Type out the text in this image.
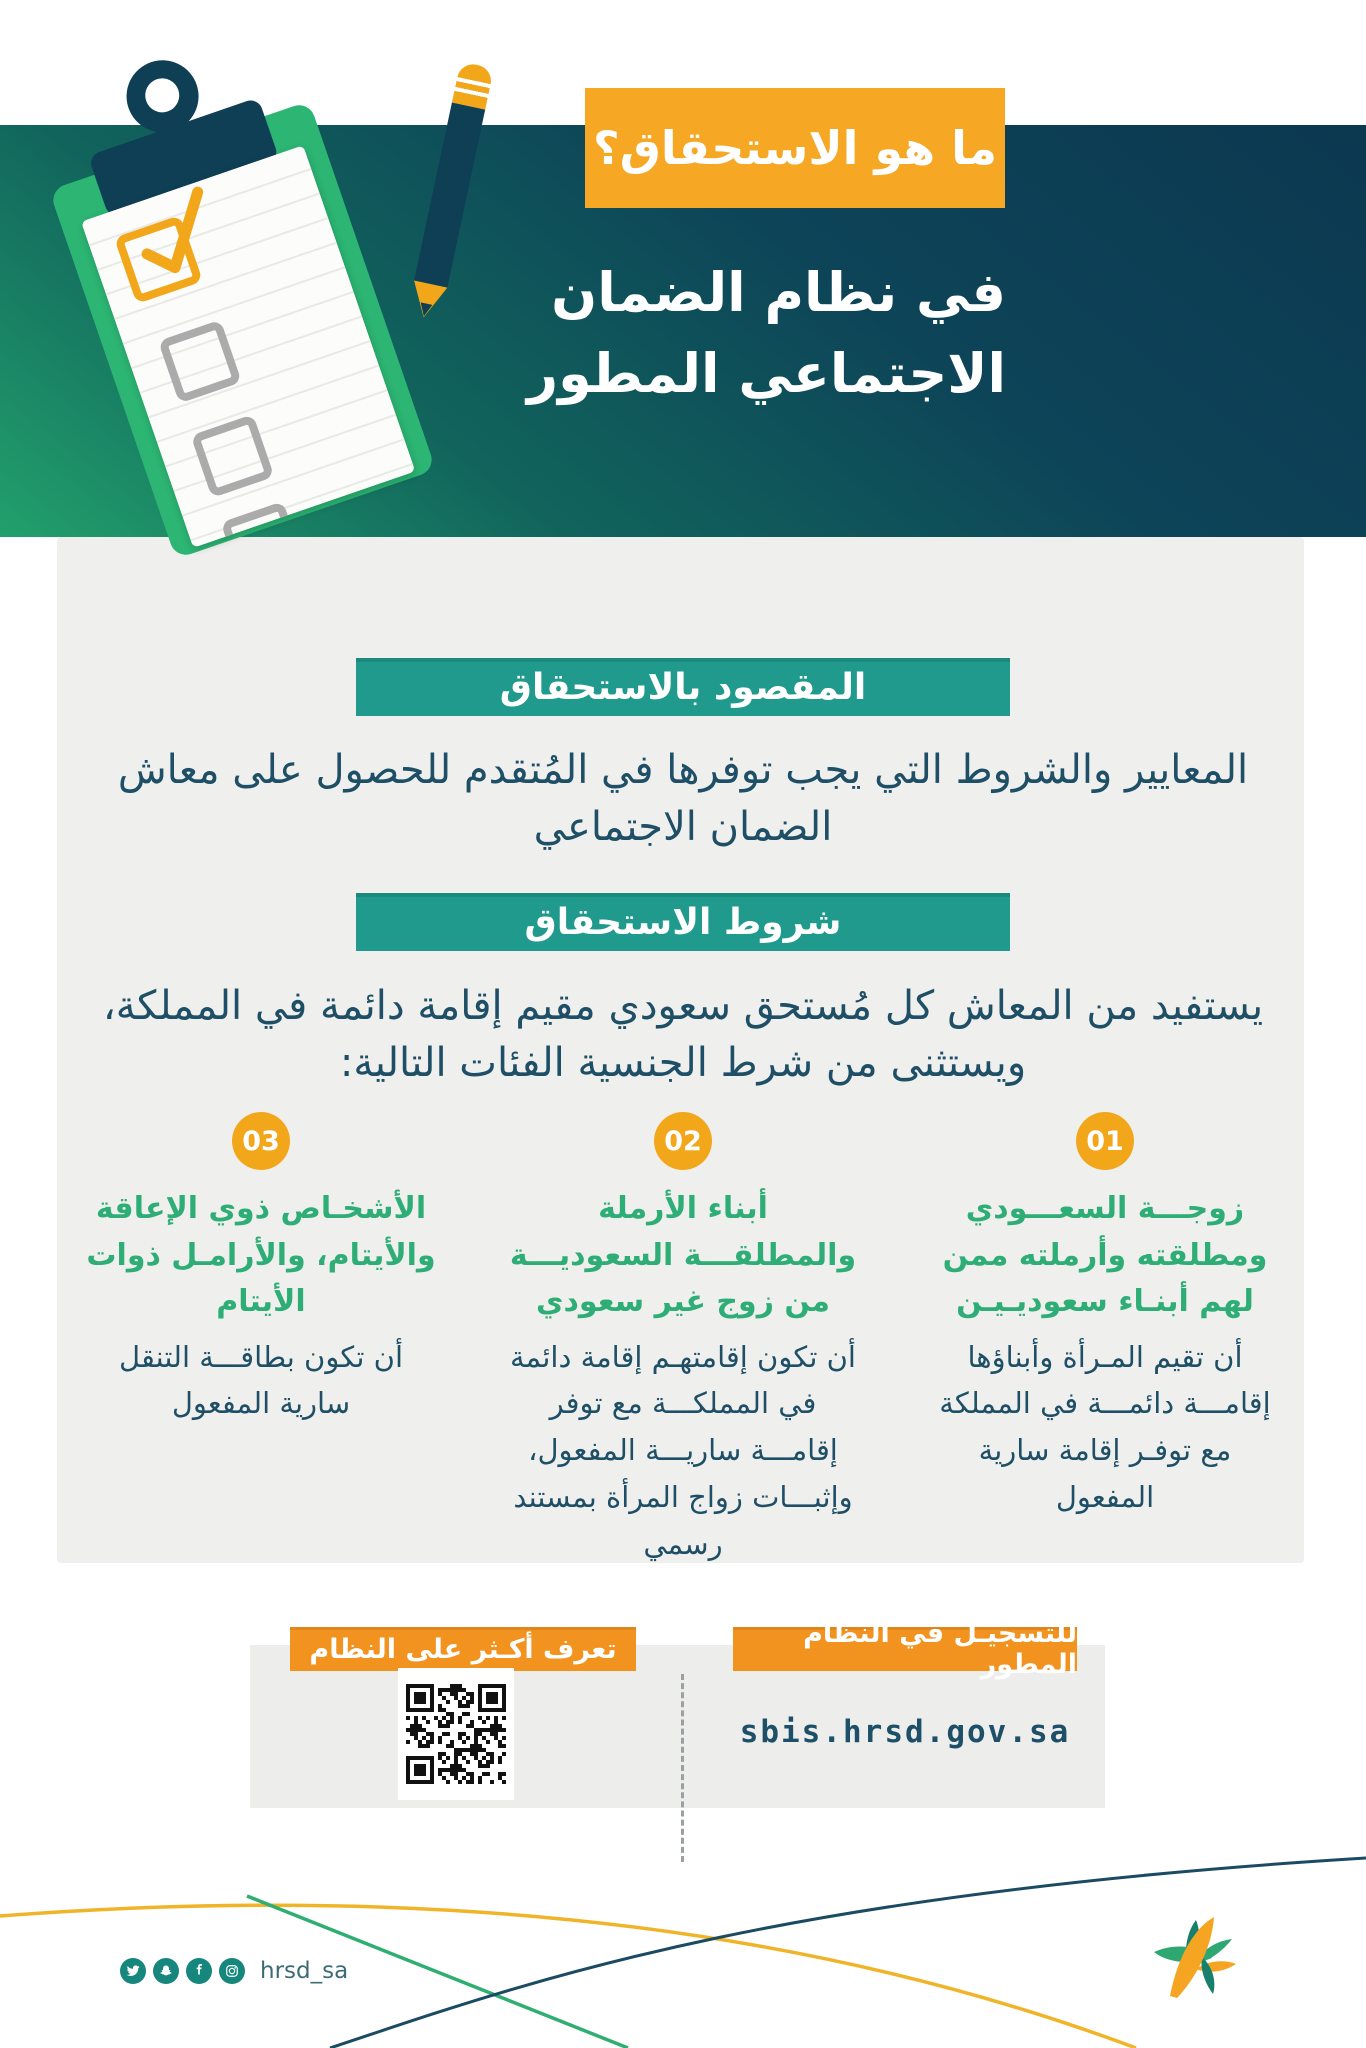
ما هو الاستحقاق؟
في نظام الضمان الاجتماعي المطور
المقصود بالاستحقاق
المعايير والشروط التي يجب توفرها في المُتقدم للحصول على معاش الضمان الاجتماعي
شروط الاستحقاق
يستفيد من المعاش كل مُستحق سعودي مقيم إقامة دائمة في المملكة، ويستثنى من شرط الجنسية الفئات التالية:
01
زوجـــة السعـــودي ومطلقته وأرملته ممن لهم أبنـاء سعوديـيـن
أن تقيم المـرأة وأبناؤها إقامـــة دائمـــة في المملكة مع توفـر إقامة سارية المفعول
02
أبناء الأرملة والمطلقـــة السعوديـــة من زوج غير سعودي
أن تكون إقامتهـم إقامة دائمة في المملكـــة مع توفر إقامـــة ساريـــة المفعول، وإثبـــات زواج المرأة بمستند رسمي
03
الأشخـاص ذوي الإعاقة والأيتام، والأرامـل ذوات الأيتام
أن تكون بطاقـــة التنقل سارية المفعول
تعرف أكـثر على النظام	للتسجيـل في النظام المطور
sbis.hrsd.gov.sa
hrsd_sa
